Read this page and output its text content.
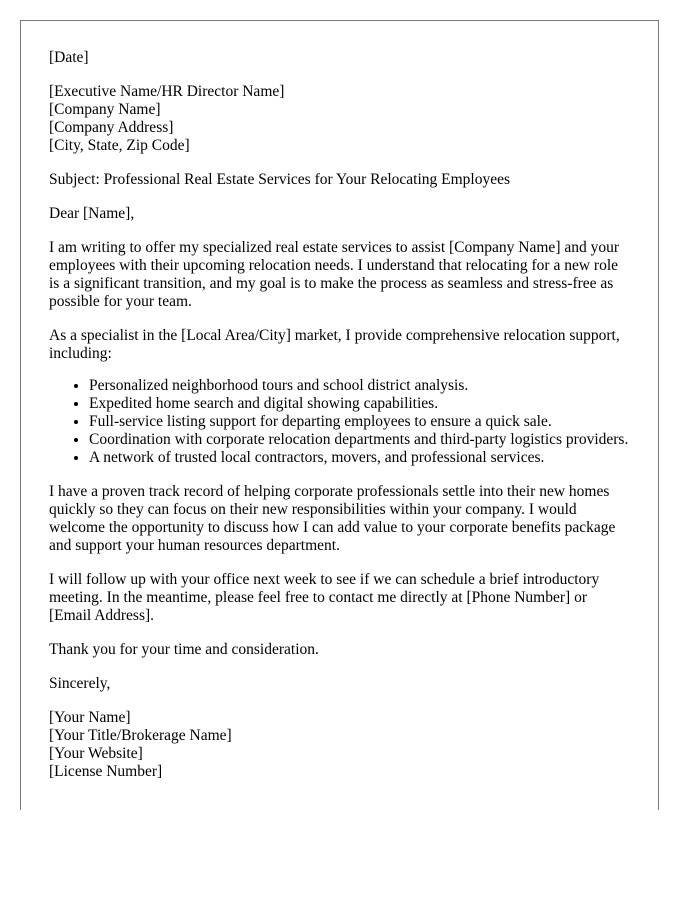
[Date]
[Executive Name/HR Director Name]
[Company Name]
[Company Address]
[City, State, Zip Code]

Subject: Professional Real Estate Services for Your Relocating Employees

Dear [Name],

I am writing to offer my specialized real estate services to assist [Company Name] and your employees with their upcoming relocation needs. I understand that relocating for a new role is a significant transition, and my goal is to make the process as seamless and stress-free as possible for your team.

As a specialist in the [Local Area/City] market, I provide comprehensive relocation support, including:

• Personalized neighborhood tours and school district analysis.
• Expedited home search and digital showing capabilities.
• Full-service listing support for departing employees to ensure a quick sale.
• Coordination with corporate relocation departments and third-party logistics providers.
• A network of trusted local contractors, movers, and professional services.

I have a proven track record of helping corporate professionals settle into their new homes quickly so they can focus on their new responsibilities within your company. I would welcome the opportunity to discuss how I can add value to your corporate benefits package and support your human resources department.

I will follow up with your office next week to see if we can schedule a brief introductory meeting. In the meantime, please feel free to contact me directly at [Phone Number] or [Email Address].

Thank you for your time and consideration.

Sincerely,

[Your Name]
[Your Title/Brokerage Name]
[Your Website]
[License Number]
